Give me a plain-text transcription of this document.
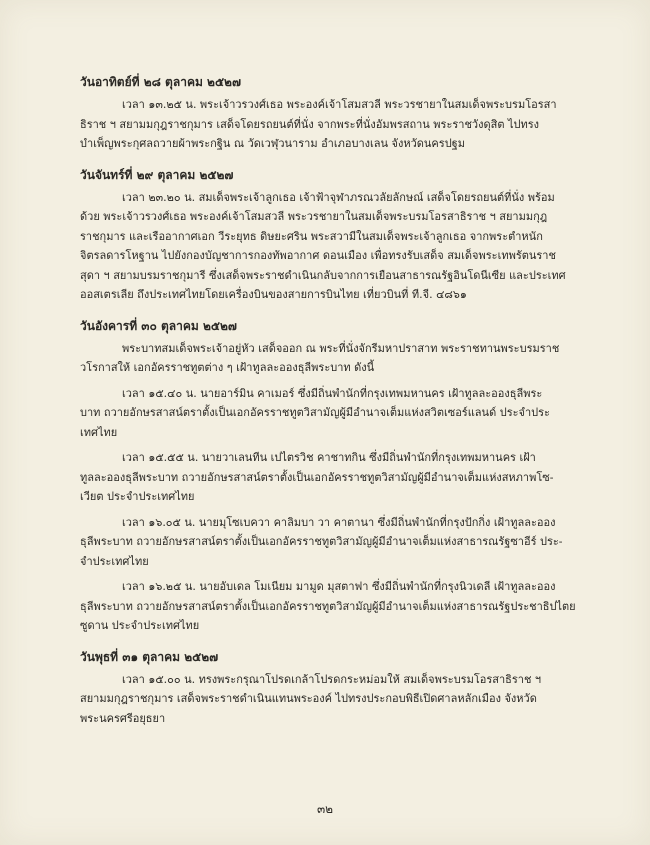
วันอาทิตย์ที่ ๒๘ ตุลาคม ๒๕๒๗
เวลา ๑๓.๒๕ น. พระเจ้าวรวงศ์เธอ พระองค์เจ้าโสมสวลี พระวรชายาในสมเด็จพระบรมโอรสา
ธิราช ฯ สยามมกุฎราชกุมาร เสด็จโดยรถยนต์ที่นั่ง จากพระที่นั่งอัมพรสถาน พระราชวังดุสิต ไปทรง
บำเพ็ญพระกุศลถวายผ้าพระกฐิน ณ วัดเวฬุวนาราม อำเภอบางเลน จังหวัดนครปฐม
วันจันทร์ที่ ๒๙ ตุลาคม ๒๕๒๗
เวลา ๒๓.๒๐ น. สมเด็จพระเจ้าลูกเธอ เจ้าฟ้าจุฬาภรณวลัยลักษณ์ เสด็จโดยรถยนต์ที่นั่ง พร้อม
ด้วย พระเจ้าวรวงศ์เธอ พระองค์เจ้าโสมสวลี พระวรชายาในสมเด็จพระบรมโอรสาธิราช ฯ สยามมกุฎ
ราชกุมาร และเรืออากาศเอก วีระยุทธ ดิษยะศริน พระสวามีในสมเด็จพระเจ้าลูกเธอ จากพระตำหนัก
จิตรลดารโหฐาน ไปยังกองบัญชาการกองทัพอากาศ ดอนเมือง เพื่อทรงรับเสด็จ สมเด็จพระเทพรัตนราช
สุดา ฯ สยามบรมราชกุมารี ซึ่งเสด็จพระราชดำเนินกลับจากการเยือนสาธารณรัฐอินโดนีเซีย และประเทศ
ออสเตรเลีย ถึงประเทศไทยโดยเครื่องบินของสายการบินไทย เที่ยวบินที่ ที.จี. ๔๘๖๑
วันอังคารที่ ๓๐ ตุลาคม ๒๕๒๗
พระบาทสมเด็จพระเจ้าอยู่หัว เสด็จออก ณ พระที่นั่งจักรีมหาปราสาท พระราชทานพระบรมราช
วโรกาสให้ เอกอัครราชทูตต่าง ๆ เฝ้าทูลละอองธุลีพระบาท ดังนี้
เวลา ๑๕.๔๐ น. นายอาร์มิน คาเมอร์ ซึ่งมีถิ่นพำนักที่กรุงเทพมหานคร เฝ้าทูลละอองธุลีพระ
บาท ถวายอักษรสาสน์ตราตั้งเป็นเอกอัครราชทูตวิสามัญผู้มีอำนาจเต็มแห่งสวิตเซอร์แลนด์ ประจำประ
เทศไทย
เวลา ๑๕.๕๕ น. นายวาเลนทีน เปไตรวิช คาชาทกิน ซึ่งมีถิ่นพำนักที่กรุงเทพมหานคร เฝ้า
ทูลละอองธุลีพระบาท ถวายอักษรสาสน์ตราตั้งเป็นเอกอัครราชทูตวิสามัญผู้มีอำนาจเต็มแห่งสหภาพโซ-
เวียต ประจำประเทศไทย
เวลา ๑๖.๐๕ น. นายมุโซเบควา คาลิมบา วา คาตานา ซึ่งมีถิ่นพำนักที่กรุงปักกิ่ง เฝ้าทูลละออง
ธุลีพระบาท ถวายอักษรสาสน์ตราตั้งเป็นเอกอัครราชทูตวิสามัญผู้มีอำนาจเต็มแห่งสาธารณรัฐซาอีร์ ประ-
จำประเทศไทย
เวลา ๑๖.๒๕ น. นายอับเดล โมเนียม มามูด มุสตาฟา ซึ่งมีถิ่นพำนักที่กรุงนิวเดลี เฝ้าทูลละออง
ธุลีพระบาท ถวายอักษรสาสน์ตราตั้งเป็นเอกอัครราชทูตวิสามัญผู้มีอำนาจเต็มแห่งสาธารณรัฐประชาธิปไตย
ซูดาน ประจำประเทศไทย
วันพุธที่ ๓๑ ตุลาคม ๒๕๒๗
เวลา ๑๕.๐๐ น. ทรงพระกรุณาโปรดเกล้าโปรดกระหม่อมให้ สมเด็จพระบรมโอรสาธิราช ฯ
สยามมกุฎราชกุมาร เสด็จพระราชดำเนินแทนพระองค์ ไปทรงประกอบพิธีเปิดศาลหลักเมือง จังหวัด
พระนครศรีอยุธยา
๓๒
